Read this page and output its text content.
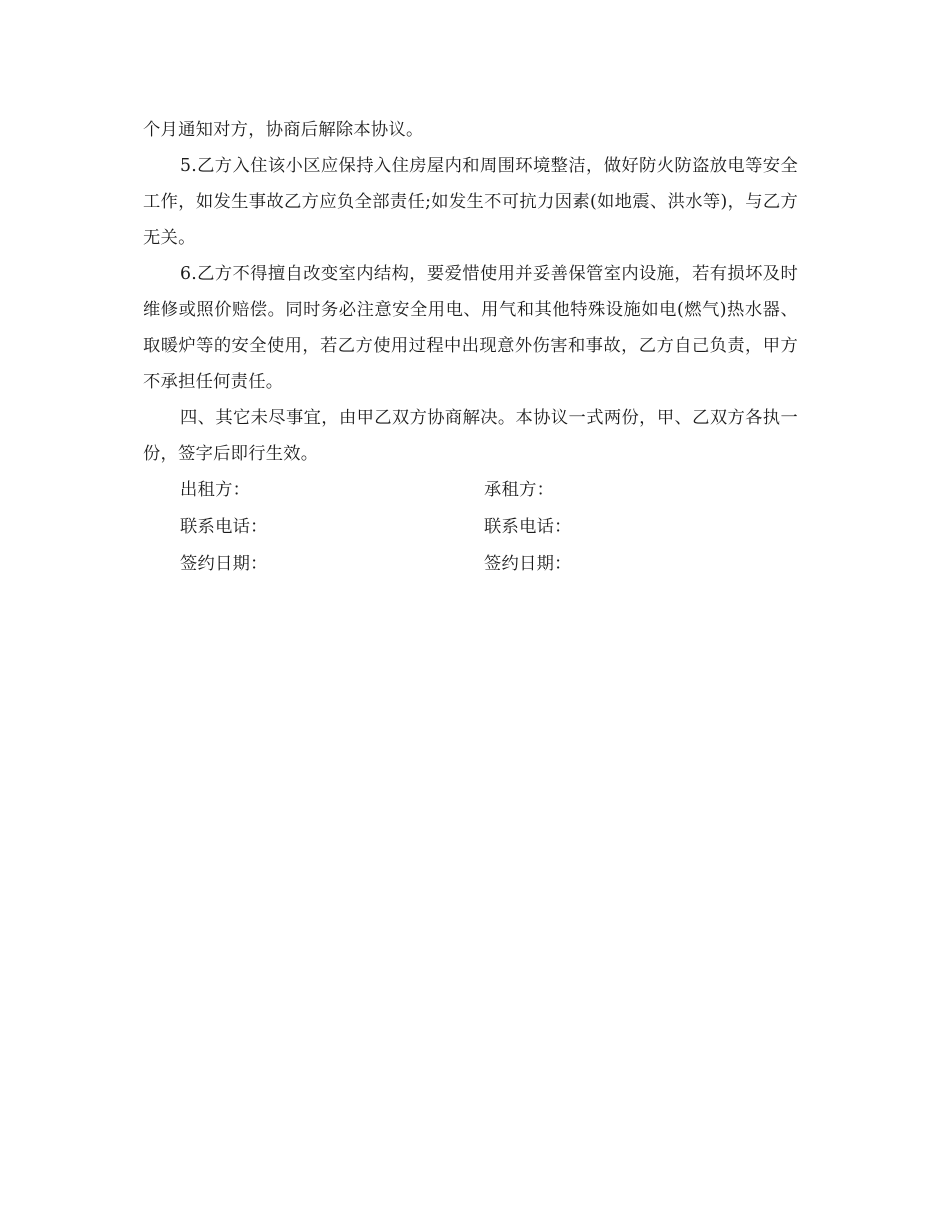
个月通知对方，协商后解除本协议。

5.乙方入住该小区应保持入住房屋内和周围环境整洁，做好防火防盗放电等安全工作，如发生事故乙方应负全部责任;如发生不可抗力因素(如地震、洪水等)，与乙方无关。

6.乙方不得擅自改变室内结构，要爱惜使用并妥善保管室内设施，若有损坏及时维修或照价赔偿。同时务必注意安全用电、用气和其他特殊设施如电(燃气)热水器、取暖炉等的安全使用，若乙方使用过程中出现意外伤害和事故，乙方自己负责，甲方不承担任何责任。

四、其它未尽事宜，由甲乙双方协商解决。本协议一式两份，甲、乙双方各执一份，签字后即行生效。

出租方：	承租方：
联系电话：	联系电话：
签约日期：	签约日期：
